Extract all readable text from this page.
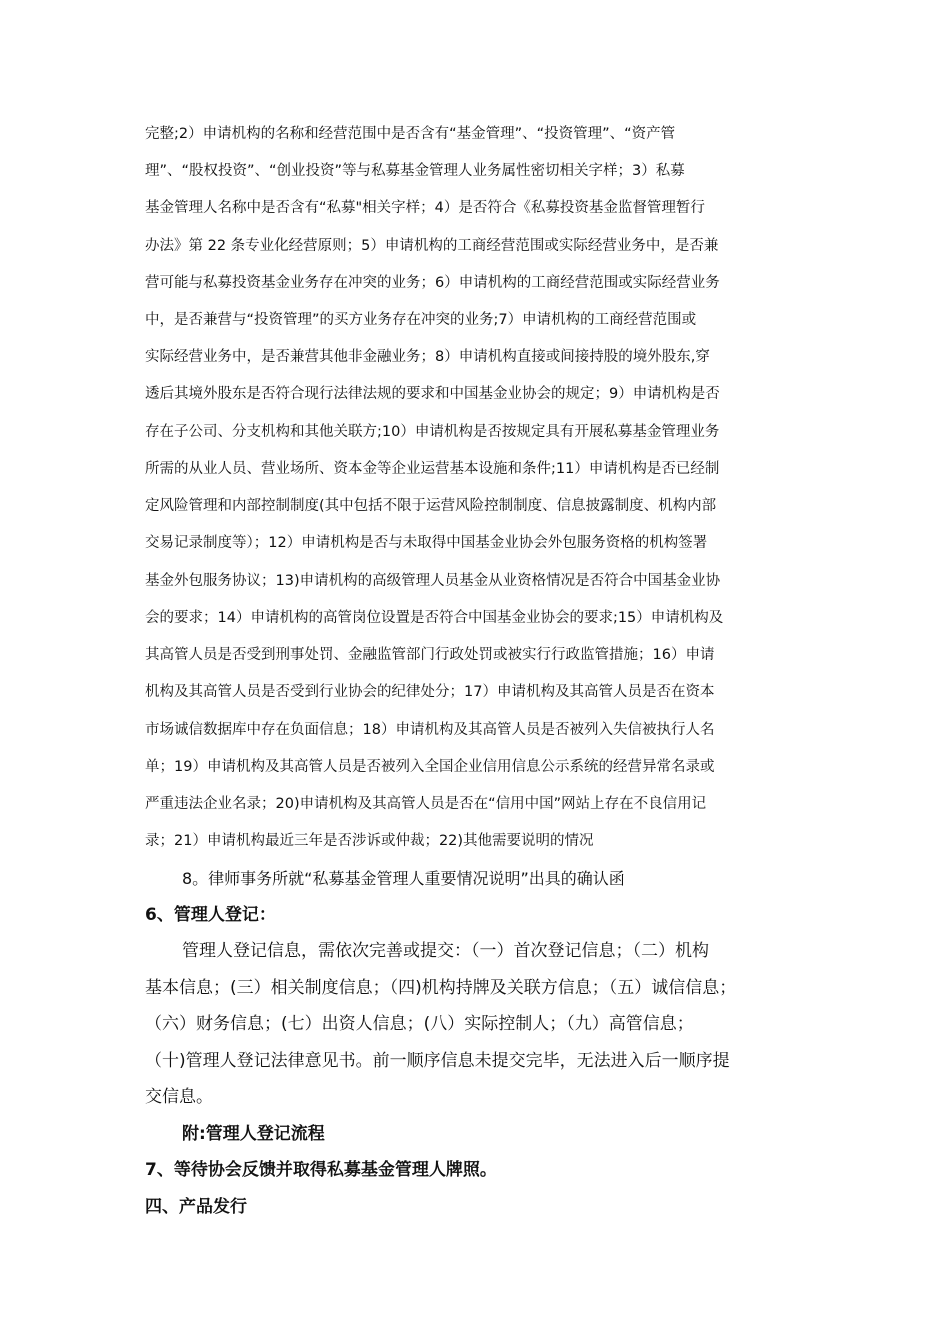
完整;2）申请机构的名称和经营范围中是否含有“基金管理”、“投资管理”、“资产管

理”、“股权投资”、“创业投资”等与私募基金管理人业务属性密切相关字样；3）私募

基金管理人名称中是否含有“私募"相关字样；4）是否符合《私募投资基金监督管理暂行

办法》第 22 条专业化经营原则；5）申请机构的工商经营范围或实际经营业务中，是否兼

营可能与私募投资基金业务存在冲突的业务；6）申请机构的工商经营范围或实际经营业务

中，是否兼营与“投资管理”的买方业务存在冲突的业务;7）申请机构的工商经营范围或

实际经营业务中，是否兼营其他非金融业务；8）申请机构直接或间接持股的境外股东,穿

透后其境外股东是否符合现行法律法规的要求和中国基金业协会的规定；9）申请机构是否

存在子公司、分支机构和其他关联方;10）申请机构是否按规定具有开展私募基金管理业务

所需的从业人员、营业场所、资本金等企业运营基本设施和条件;11）申请机构是否已经制

定风险管理和内部控制制度(其中包括不限于运营风险控制制度、信息披露制度、机构内部

交易记录制度等）；12）申请机构是否与未取得中国基金业协会外包服务资格的机构签署

基金外包服务协议；13)申请机构的高级管理人员基金从业资格情况是否符合中国基金业协

会的要求；14）申请机构的高管岗位设置是否符合中国基金业协会的要求;15）申请机构及

其高管人员是否受到刑事处罚、金融监管部门行政处罚或被实行行政监管措施；16）申请

机构及其高管人员是否受到行业协会的纪律处分；17）申请机构及其高管人员是否在资本

市场诚信数据库中存在负面信息；18）申请机构及其高管人员是否被列入失信被执行人名

单；19）申请机构及其高管人员是否被列入全国企业信用信息公示系统的经营异常名录或

严重违法企业名录；20)申请机构及其高管人员是否在“信用中国”网站上存在不良信用记

录；21）申请机构最近三年是否涉诉或仲裁；22)其他需要说明的情况

8。律师事务所就“私募基金管理人重要情况说明”出具的确认函

6、管理人登记：

管理人登记信息，需依次完善或提交：（一）首次登记信息；（二）机构

基本信息；(三）相关制度信息；（四)机构持牌及关联方信息；（五）诚信信息；

（六）财务信息；(七）出资人信息；(八）实际控制人；（九）高管信息；

（十)管理人登记法律意见书。前一顺序信息未提交完毕，无法进入后一顺序提

交信息。

附:管理人登记流程

7、等待协会反馈并取得私募基金管理人牌照。

四、产品发行
